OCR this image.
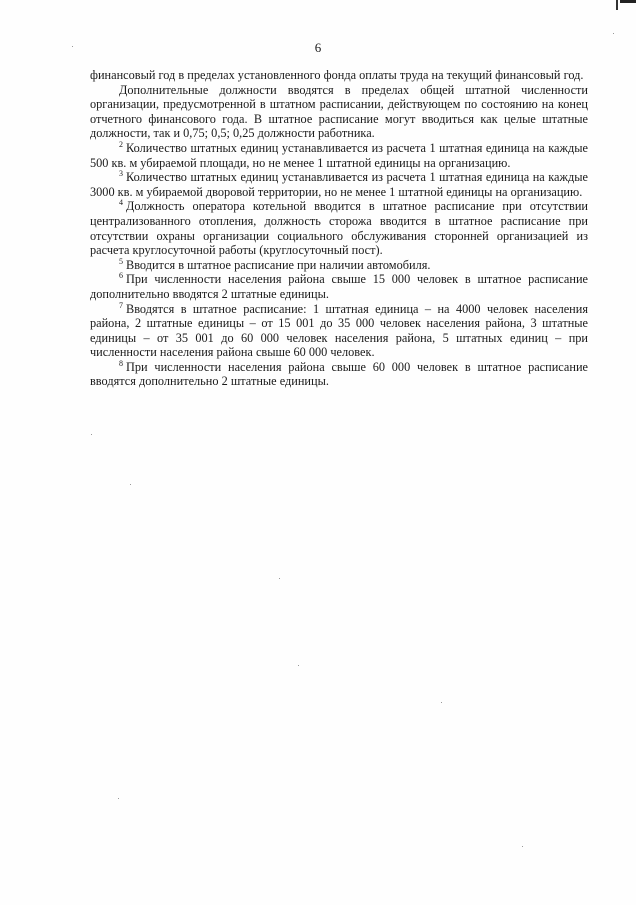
6

финансовый год в пределах установленного фонда оплаты труда на текущий финансовый год.

Дополнительные должности вводятся в пределах общей штатной численности организации, предусмотренной в штатном расписании, действующем по состоянию на конец отчетного финансового года. В штатное расписание могут вводиться как целые штатные должности, так и 0,75; 0,5; 0,25 должности работника.

$^2$ Количество штатных единиц устанавливается из расчета 1 штатная единица на каждые 500 кв. м убираемой площади, но не менее 1 штатной единицы на организацию.

$^3$ Количество штатных единиц устанавливается из расчета 1 штатная единица на каждые 3000 кв. м убираемой дворовой территории, но не менее 1 штатной единицы на организацию.

$^4$ Должность оператора котельной вводится в штатное расписание при отсутствии централизованного отопления, должность сторожа вводится в штатное расписание при отсутствии охраны организации социального обслуживания сторонней организацией из расчета круглосуточной работы (круглосуточный пост).

$^5$ Вводится в штатное расписание при наличии автомобиля.

$^6$ При численности населения района свыше 15 000 человек в штатное расписание дополнительно вводятся 2 штатные единицы.

$^7$ Вводятся в штатное расписание: 1 штатная единица – на 4000 человек населения района, 2 штатные единицы – от 15 001 до 35 000 человек населения района, 3 штатные единицы – от 35 001 до 60 000 человек населения района, 5 штатных единиц – при численности населения района свыше 60 000 человек.

$^8$ При численности населения района свыше 60 000 человек в штатное расписание вводятся дополнительно 2 штатные единицы.
